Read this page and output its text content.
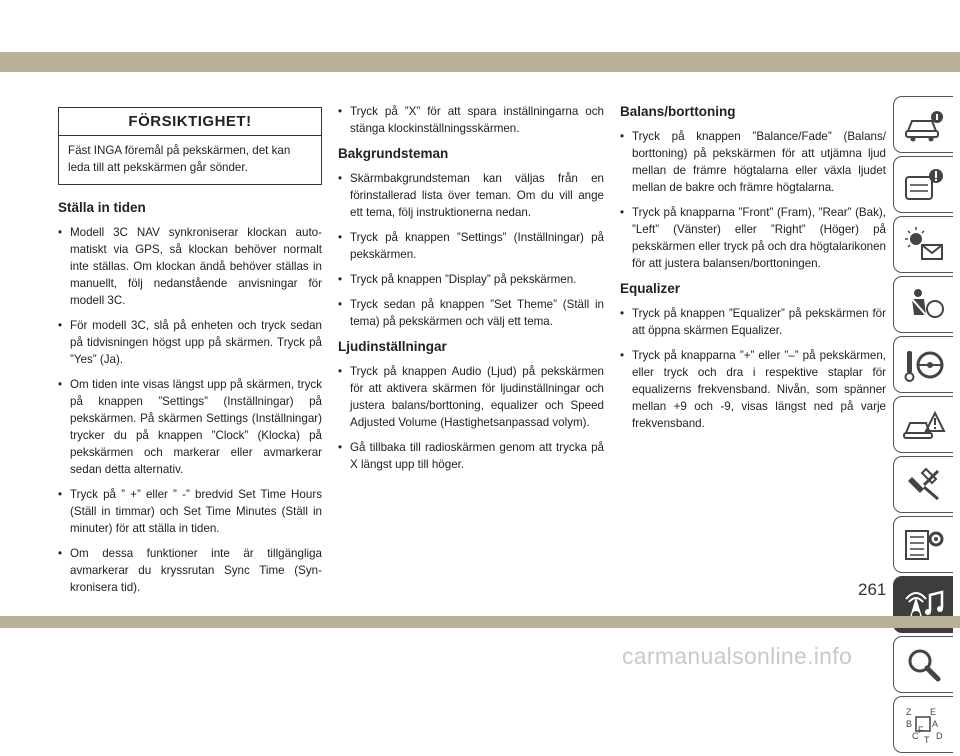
FÖRSIKTIGHET!
Fäst INGA föremål på pekskärmen, det kan leda till att pekskärmen går sönder.
Ställa in tiden
• Modell 3C NAV synkroniserar klockan automatiskt via GPS, så klockan behöver normalt inte ställas. Om klockan ändå behöver ställas in manuellt, följ nedanstående anvisningar för modell 3C.
• För modell 3C, slå på enheten och tryck sedan på tidvisningen högst upp på skärmen. Tryck på ”Yes” (Ja).
• Om tiden inte visas längst upp på skärmen, tryck på knappen ”Settings” (Inställningar) på pekskärmen. På skärmen Settings (Inställningar) trycker du på knappen ”Clock” (Klocka) på pekskärmen och markerar eller avmarkerar sedan detta alternativ.
• Tryck på ” +” eller ” -” bredvid Set Time Hours (Ställ in timmar) och Set Time Minutes (Ställ in minuter) för att ställa in tiden.
• Om dessa funktioner inte är tillgängliga avmarkerar du kryssrutan Sync Time (Synkronisera tid).
• Tryck på ”X” för att spara inställningarna och stänga klockinställningsskärmen.
Bakgrundsteman
• Skärmbakgrundsteman kan väljas från en förinstallerad lista över teman. Om du vill ange ett tema, följ instruktionerna nedan.
• Tryck på knappen ”Settings” (Inställningar) på pekskärmen.
• Tryck på knappen ”Display” på pekskärmen.
• Tryck sedan på knappen ”Set Theme” (Ställ in tema) på pekskärmen och välj ett tema.
Ljudinställningar
• Tryck på knappen Audio (Ljud) på pekskärmen för att aktivera skärmen för ljudinställningar och justera balans/borttoning, equalizer och Speed Adjusted Volume (Hastighetsanpassad volym).
• Gå tillbaka till radioskärmen genom att trycka på X längst upp till höger.
Balans/borttoning
• Tryck på knappen ”Balance/Fade” (Balans/ borttoning) på pekskärmen för att utjämna ljud mellan de främre högtalarna eller växla ljudet mellan de bakre och främre högtalarna.
• Tryck på knapparna ”Front” (Fram), ”Rear” (Bak), ”Left” (Vänster) eller ”Right” (Höger) på pekskärmen eller tryck på och dra högtalarikonen för att justera balansen/borttoningen.
Equalizer
• Tryck på knappen ”Equalizer” på pekskärmen för att öppna skärmen Equalizer.
• Tryck på knapparna ”+” eller ”–” på pekskärmen, eller tryck och dra i respektive staplar för equalizerns frekvensband. Nivån, som spänner mellan +9 och -9, visas längst ned på varje frekvensband.
Z E
B A
C D
F
T
261
carmanualsonline.info
